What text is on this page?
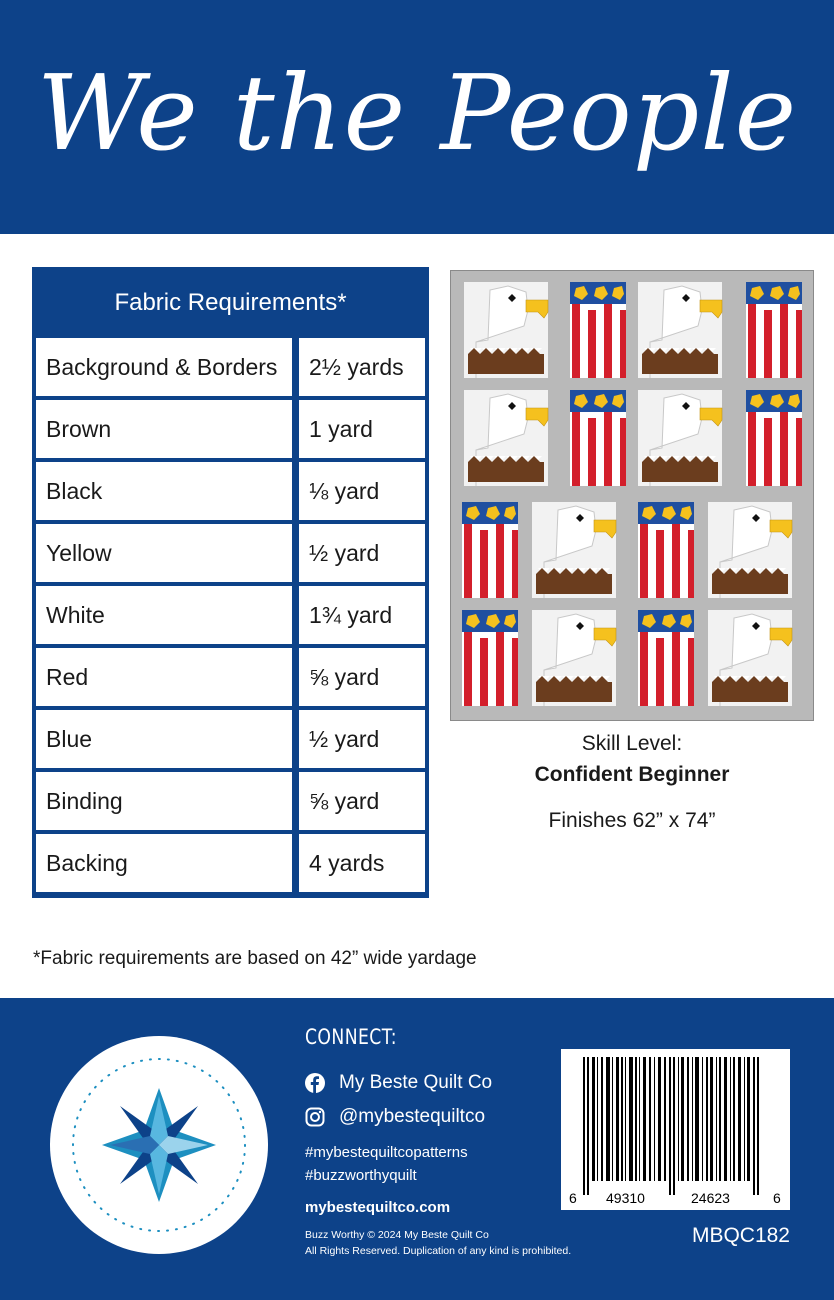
We the People
Fabric Requirements*
Background & Borders	2½ yards
Brown	1 yard
Black	⅛ yard
Yellow	½ yard
White	1¾ yard
Red	⅝ yard
Blue	½ yard
Binding	⅝ yard
Backing	4 yards
Skill Level:
Confident Beginner
Finishes 62” x 74”
*Fabric requirements are based on 42” wide yardage
CONNECT:
My Beste Quilt Co
@mybestequiltco
#mybestequiltcopatterns
#buzzworthyquilt
mybestequiltco.com
Buzz Worthy © 2024 My Beste Quilt Co
All Rights Reserved. Duplication of any kind is prohibited.
6 49310	24623	6
MBQC182
